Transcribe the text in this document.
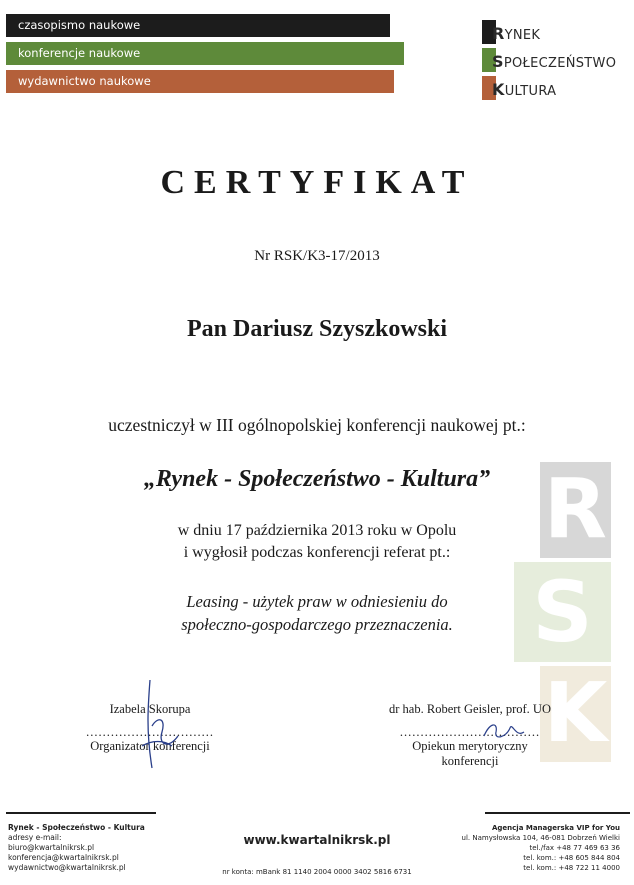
czasopismo naukowe
konferencje naukowe
wydawnictwo naukowe
RYNEK
SPOŁECZEŃSTWO
KULTURA
R
S
K
CERTYFIKAT
Nr RSK/K3-17/2013
Pan Dariusz Szyszkowski
uczestniczył w III ogólnopolskiej konferencji naukowej pt.:
„Rynek - Społeczeństwo - Kultura”
w dniu 17 października 2013 roku w Opolu
i wygłosił podczas konferencji referat pt.:
Leasing - użytek praw w odniesieniu do
społeczno-gospodarczego przeznaczenia.
Izabela Skorupa
...............................
Organizator konferencji
dr hab. Robert Geisler, prof. UO
..................................
Opiekun merytoryczny
konferencji
Rynek - Społeczeństwo - Kultura
adresy e-mail:
biuro@kwartalnikrsk.pl
konferencja@kwartalnikrsk.pl
wydawnictwo@kwartalnikrsk.pl
www.kwartalnikrsk.pl
nr konta: mBank 81 1140 2004 0000 3402 5816 6731
Agencja Managerska VIP for You
ul. Namysłowska 104, 46-081 Dobrzeń Wielki
tel./fax +48 77 469 63 36
tel. kom.: +48 605 844 804
tel. kom.: +48 722 11 4000
